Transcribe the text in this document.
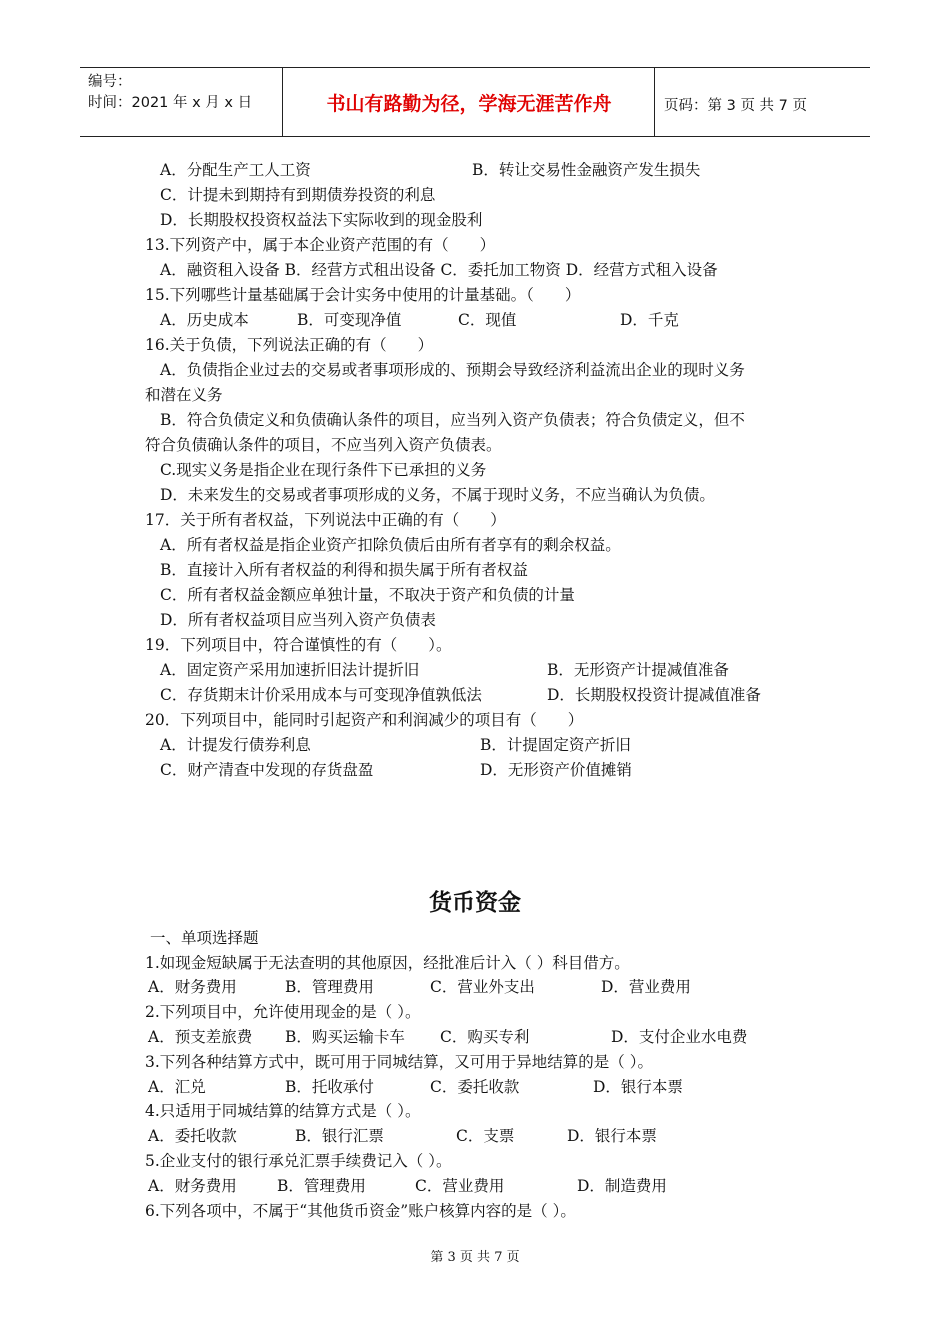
编号：
时间：2021 年 x 月 x 日	书山有路勤为径，学海无涯苦作舟	页码：第 3 页 共 7 页
A．分配生产工人工资	B．转让交易性金融资产发生损失
C．计提未到期持有到期债券投资的利息
D．长期股权投资权益法下实际收到的现金股利
13.下列资产中，属于本企业资产范围的有（　　）
A．融资租入设备 B．经营方式租出设备 C．委托加工物资 D．经营方式租入设备
15.下列哪些计量基础属于会计实务中使用的计量基础。（　　）
A．历史成本	B．可变现净值	C．现值	D．千克
16.关于负债，下列说法正确的有（　　）
A．负债指企业过去的交易或者事项形成的、预期会导致经济利益流出企业的现时义务
和潜在义务
B．符合负债定义和负债确认条件的项目，应当列入资产负债表；符合负债定义，但不
符合负债确认条件的项目，不应当列入资产负债表。
C.现实义务是指企业在现行条件下已承担的义务
D．未来发生的交易或者事项形成的义务，不属于现时义务，不应当确认为负债。
17．关于所有者权益，下列说法中正确的有（　　）
A．所有者权益是指企业资产扣除负债后由所有者享有的剩余权益。
B．直接计入所有者权益的利得和损失属于所有者权益
C．所有者权益金额应单独计量，不取决于资产和负债的计量
D．所有者权益项目应当列入资产负债表
19．下列项目中，符合谨慎性的有（　　）。
A．固定资产采用加速折旧法计提折旧	B．无形资产计提减值准备
C．存货期末计价采用成本与可变现净值孰低法	D．长期股权投资计提减值准备
20．下列项目中，能同时引起资产和利润减少的项目有（　　）
A．计提发行债券利息	B．计提固定资产折旧
C．财产清查中发现的存货盘盈	D．无形资产价值摊销
货币资金
一、单项选择题
1.如现金短缺属于无法查明的其他原因，经批准后计入（ ）科目借方。
A．财务费用	B．管理费用	C．营业外支出	D．营业费用
2.下列项目中，允许使用现金的是（ ）。
A．预支差旅费 B．购买运输卡车 C．购买专利	D．支付企业水电费
3.下列各种结算方式中，既可用于同城结算，又可用于异地结算的是（ ）。
A．汇兑	B．托收承付	C．委托收款	D．银行本票
4.只适用于同城结算的结算方式是（ ）。
A．委托收款	B．银行汇票	C．支票	D．银行本票
5.企业支付的银行承兑汇票手续费记入（ ）。
A．财务费用	B．管理费用	C．营业费用	D．制造费用
6.下列各项中，不属于“其他货币资金”账户核算内容的是（ ）。
第 3 页 共 7 页
